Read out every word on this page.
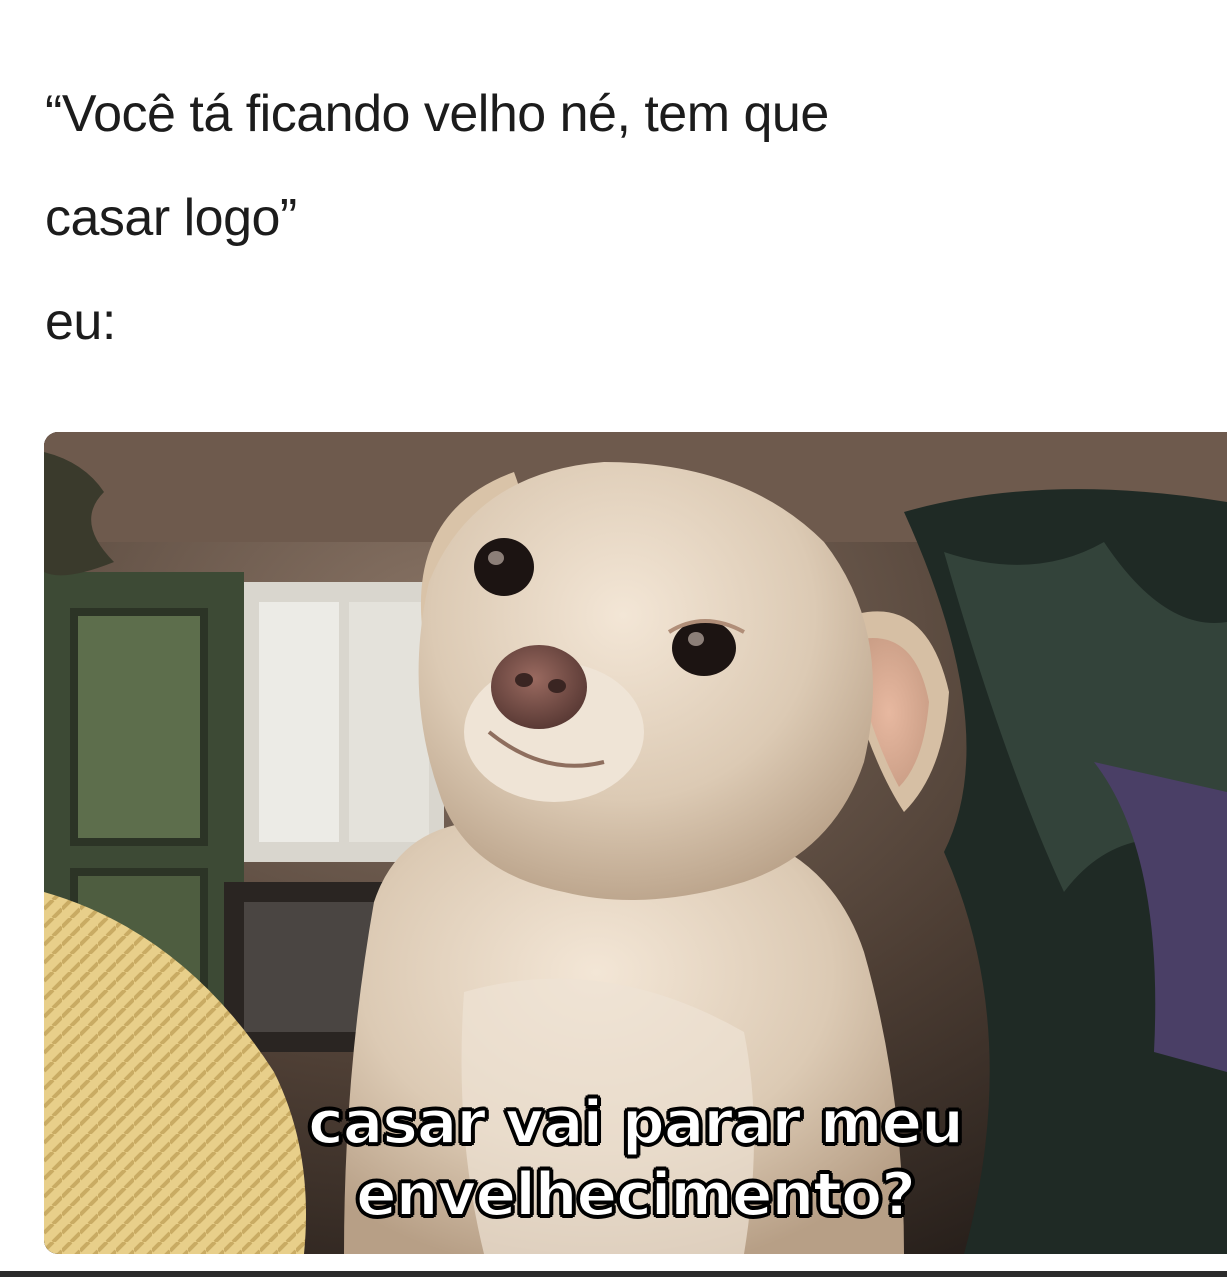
“Você tá ficando velho né, tem que
casar logo”
eu:
casar vai parar meu
envelhecimento?
